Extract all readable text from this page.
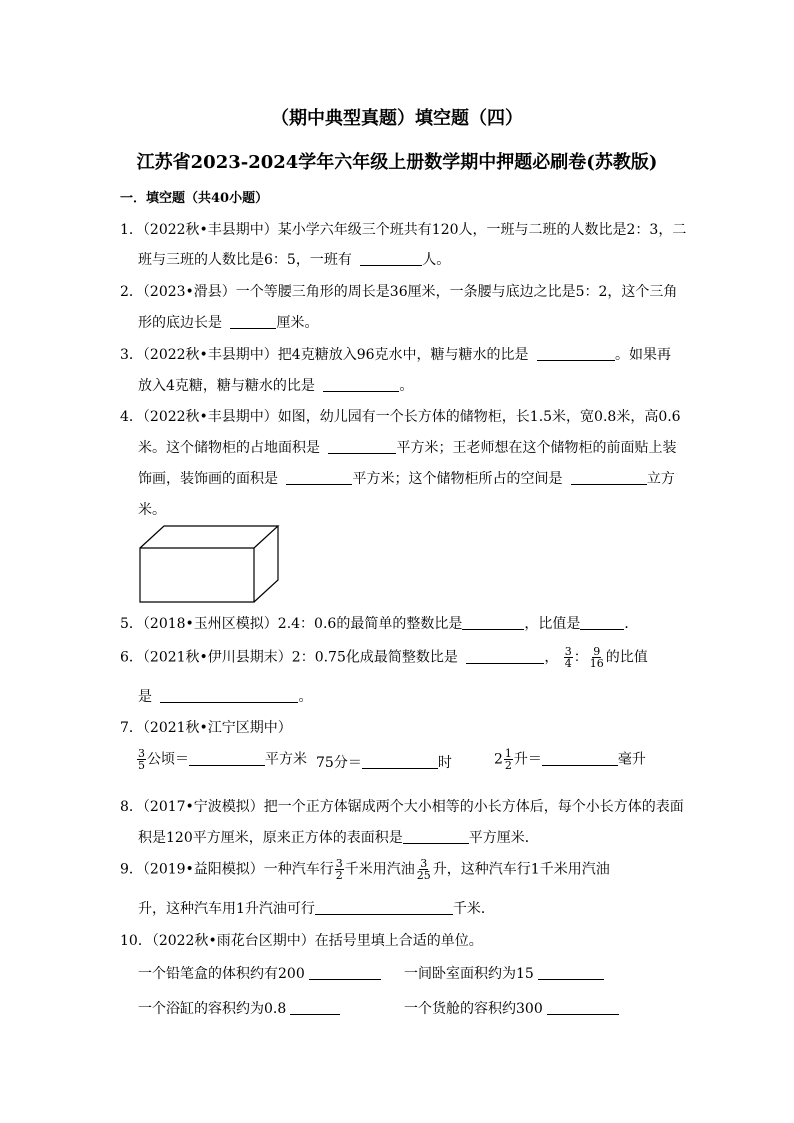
（期中典型真题）填空题（四）
江苏省2023-2024学年六年级上册数学期中押题必刷卷(苏教版)
一．填空题（共40小题）
1．（2022秋•丰县期中）某小学六年级三个班共有120人，一班与二班的人数比是2：3，二
班与三班的人数比是6：5，一班有	人。
2．（2023•滑县）一个等腰三角形的周长是36厘米，一条腰与底边之比是5：2，这个三角
形的底边长是	厘米。
3．（2022秋•丰县期中）把4克糖放入96克水中，糖与糖水的比是	。如果再
放入4克糖，糖与糖水的比是	。
4．（2022秋•丰县期中）如图，幼儿园有一个长方体的储物柜，长1.5米，宽0.8米，高0.6
米。这个储物柜的占地面积是	平方米；王老师想在这个储物柜的前面贴上装
饰画，装饰画的面积是	平方米；这个储物柜所占的空间是	立方
米。
5．（2018•玉州区模拟）2.4：0.6的最简单的整数比是	，比值是	．
6．（2021秋•伊川县期末）2：0.75化成最简整数比是	， $\frac{3}{4}$ ： $\frac{9}{16}$ 的比值
是	。
7．（2021秋•江宁区期中）
$\frac{3}{5}$ 公顷＝	平方米 75分＝	时	$2 \frac{1}{2}$ 升＝	毫升
8．（2017•宁波模拟）把一个正方体锯成两个大小相等的小长方体后，每个小长方体的表面
积是120平方厘米，原来正方体的表面积是	平方厘米．
9．（2019•益阳模拟）一种汽车行 $\frac{3}{2}$ 千米用汽油 $\frac{3}{25}$ 升，这种汽车行1千米用汽油
升，这种汽车用1升汽油可行	千米．
10．（2022秋•雨花台区期中）在括号里填上合适的单位。
一个铅笔盒的体积约有200	一间卧室面积约为15
一个浴缸的容积约为0.8	一个货舱的容积约300
